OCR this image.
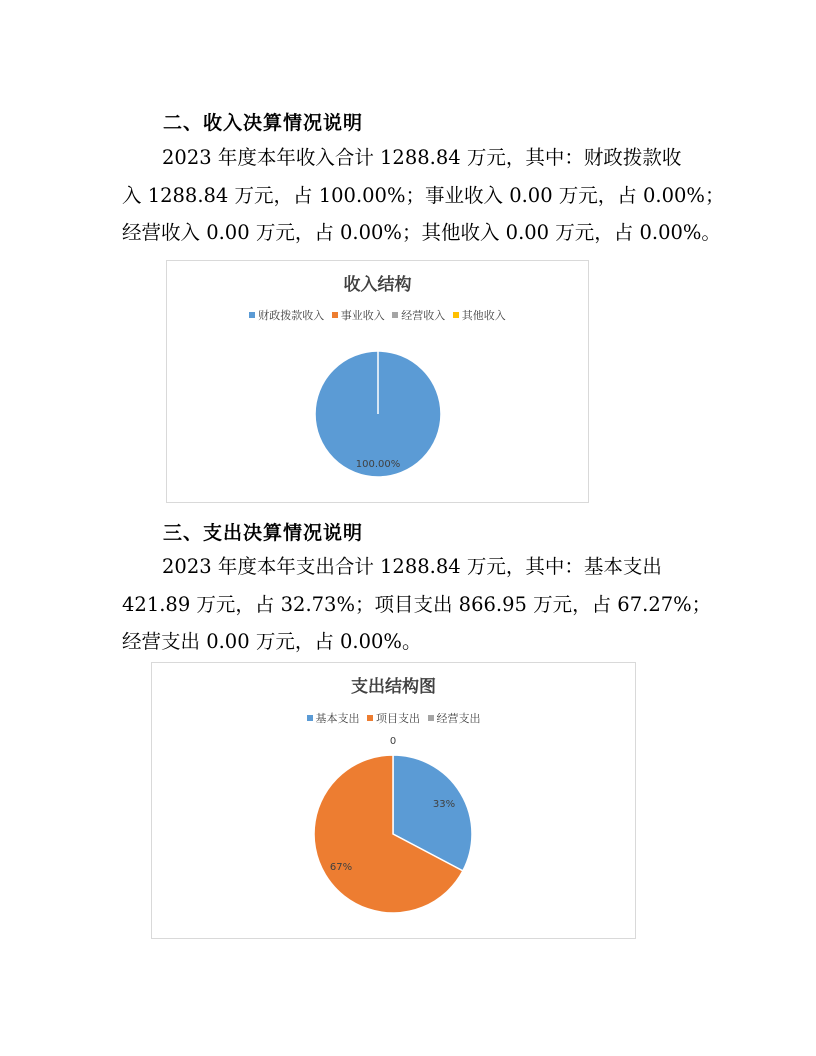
二、收入决算情况说明

2023 年度本年收入合计 1288.84 万元，其中：财政拨款收

入 1288.84 万元，占 100.00%；事业收入 0.00 万元，占 0.00%；

经营收入 0.00 万元，占 0.00%；其他收入 0.00 万元，占 0.00%。

收入结构
财政拨款收入 事业收入 经营收入 其他收入
100.00%
三、支出决算情况说明

2023 年度本年支出合计 1288.84 万元，其中：基本支出

421.89 万元，占 32.73%；项目支出 866.95 万元，占 67.27%；

经营支出 0.00 万元，占 0.00%。

支出结构图
基本支出 项目支出 经营支出
33%
67%
0
